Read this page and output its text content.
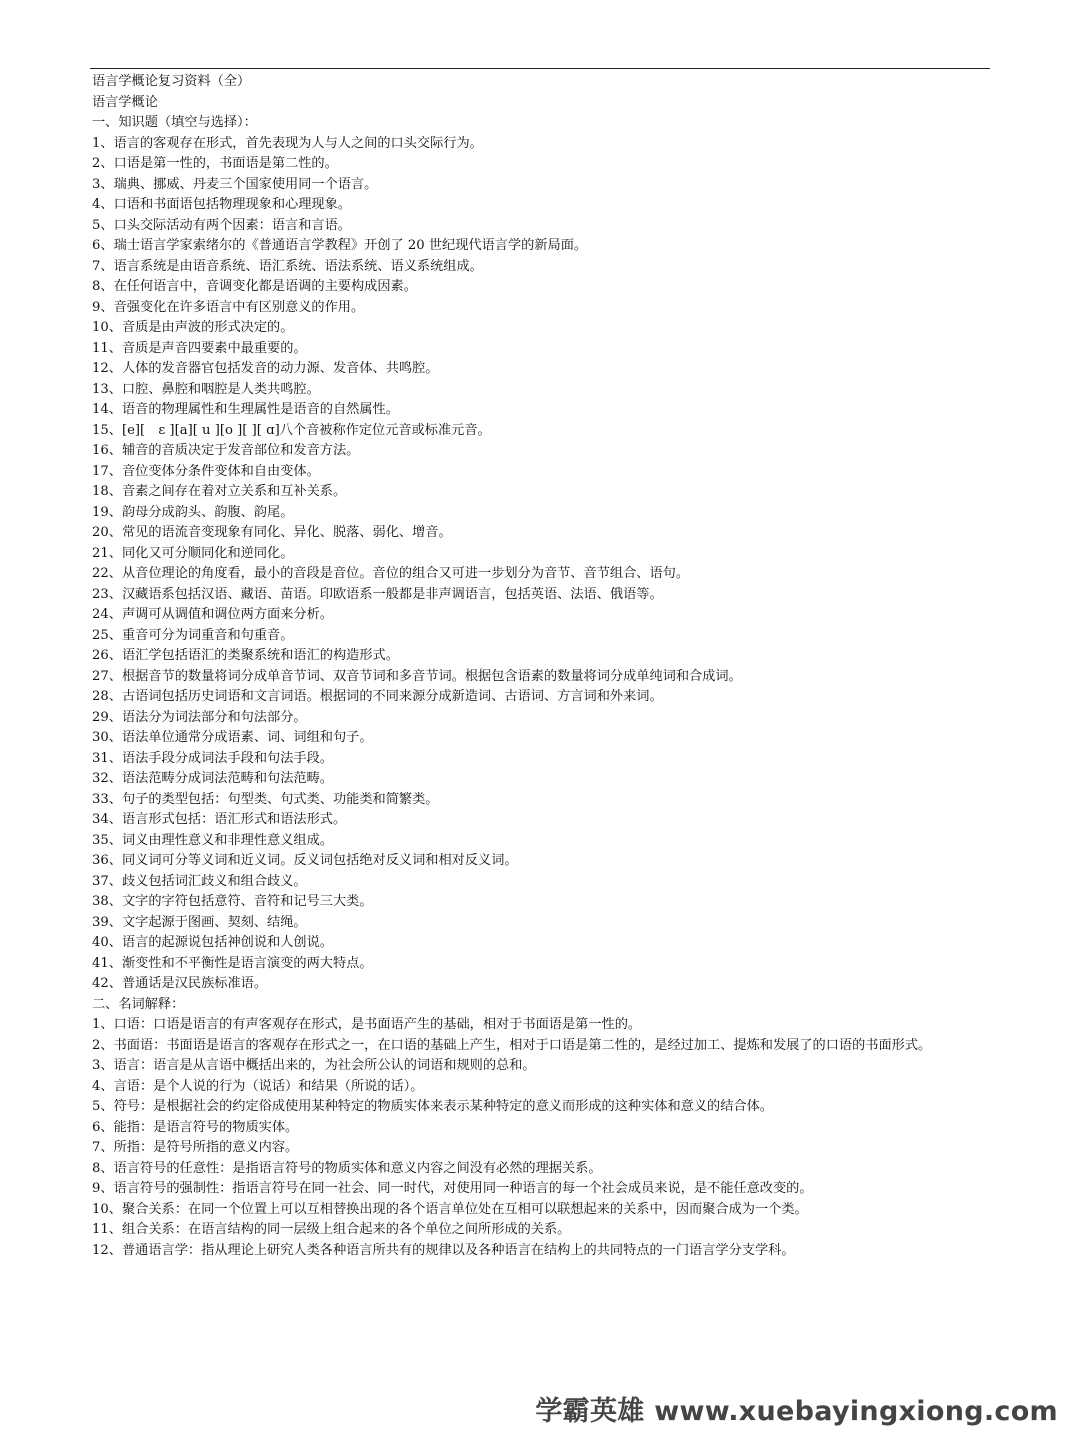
语言学概论复习资料（全）

语言学概论

一、知识题（填空与选择）：

1、语言的客观存在形式，首先表现为人与人之间的口头交际行为。

2、口语是第一性的，书面语是第二性的。

3、瑞典、挪威、丹麦三个国家使用同一个语言。

4、口语和书面语包括物理现象和心理现象。

5、口头交际活动有两个因素：语言和言语。

6、瑞士语言学家索绪尔的《普通语言学教程》开创了 20 世纪现代语言学的新局面。

7、语言系统是由语音系统、语汇系统、语法系统、语义系统组成。

8、在任何语言中，音调变化都是语调的主要构成因素。

9、音强变化在许多语言中有区别意义的作用。

10、音质是由声波的形式决定的。

11、音质是声音四要素中最重要的。

12、人体的发音器官包括发音的动力源、发音体、共鸣腔。

13、口腔、鼻腔和咽腔是人类共鸣腔。

14、语音的物理属性和生理属性是语音的自然属性。

15、[e][　ɛ ][a][ u ][o ][ ][ ɑ]八个音被称作定位元音或标准元音。

16、辅音的音质决定于发音部位和发音方法。

17、音位变体分条件变体和自由变体。

18、音素之间存在着对立关系和互补关系。

19、韵母分成韵头、韵腹、韵尾。

20、常见的语流音变现象有同化、异化、脱落、弱化、增音。

21、同化又可分顺同化和逆同化。

22、从音位理论的角度看，最小的音段是音位。音位的组合又可进一步划分为音节、音节组合、语句。

23、汉藏语系包括汉语、藏语、苗语。印欧语系一般都是非声调语言，包括英语、法语、俄语等。

24、声调可从调值和调位两方面来分析。

25、重音可分为词重音和句重音。

26、语汇学包括语汇的类聚系统和语汇的构造形式。

27、根据音节的数量将词分成单音节词、双音节词和多音节词。根据包含语素的数量将词分成单纯词和合成词。

28、古语词包括历史词语和文言词语。根据词的不同来源分成新造词、古语词、方言词和外来词。

29、语法分为词法部分和句法部分。

30、语法单位通常分成语素、词、词组和句子。

31、语法手段分成词法手段和句法手段。

32、语法范畴分成词法范畴和句法范畴。

33、句子的类型包括：句型类、句式类、功能类和简繁类。

34、语言形式包括：语汇形式和语法形式。

35、词义由理性意义和非理性意义组成。

36、同义词可分等义词和近义词。反义词包括绝对反义词和相对反义词。

37、歧义包括词汇歧义和组合歧义。

38、文字的字符包括意符、音符和记号三大类。

39、文字起源于图画、契刻、结绳。

40、语言的起源说包括神创说和人创说。

41、渐变性和不平衡性是语言演变的两大特点。

42、普通话是汉民族标准语。

二、名词解释：

1、口语：口语是语言的有声客观存在形式，是书面语产生的基础，相对于书面语是第一性的。

2、书面语：书面语是语言的客观存在形式之一，在口语的基础上产生，相对于口语是第二性的，是经过加工、提炼和发展了的口语的书面形式。

3、语言：语言是从言语中概括出来的，为社会所公认的词语和规则的总和。

4、言语：是个人说的行为（说话）和结果（所说的话）。

5、符号：是根据社会的约定俗成使用某种特定的物质实体来表示某种特定的意义而形成的这种实体和意义的结合体。

6、能指：是语言符号的物质实体。

7、所指：是符号所指的意义内容。

8、语言符号的任意性：是指语言符号的物质实体和意义内容之间没有必然的理据关系。

9、语言符号的强制性：指语言符号在同一社会、同一时代，对使用同一种语言的每一个社会成员来说，是不能任意改变的。

10、聚合关系：在同一个位置上可以互相替换出现的各个语言单位处在互相可以联想起来的关系中，因而聚合成为一个类。

11、组合关系：在语言结构的同一层级上组合起来的各个单位之间所形成的关系。

12、普通语言学：指从理论上研究人类各种语言所共有的规律以及各种语言在结构上的共同特点的一门语言学分支学科。

学霸英雄 www.xuebayingxiong.com
